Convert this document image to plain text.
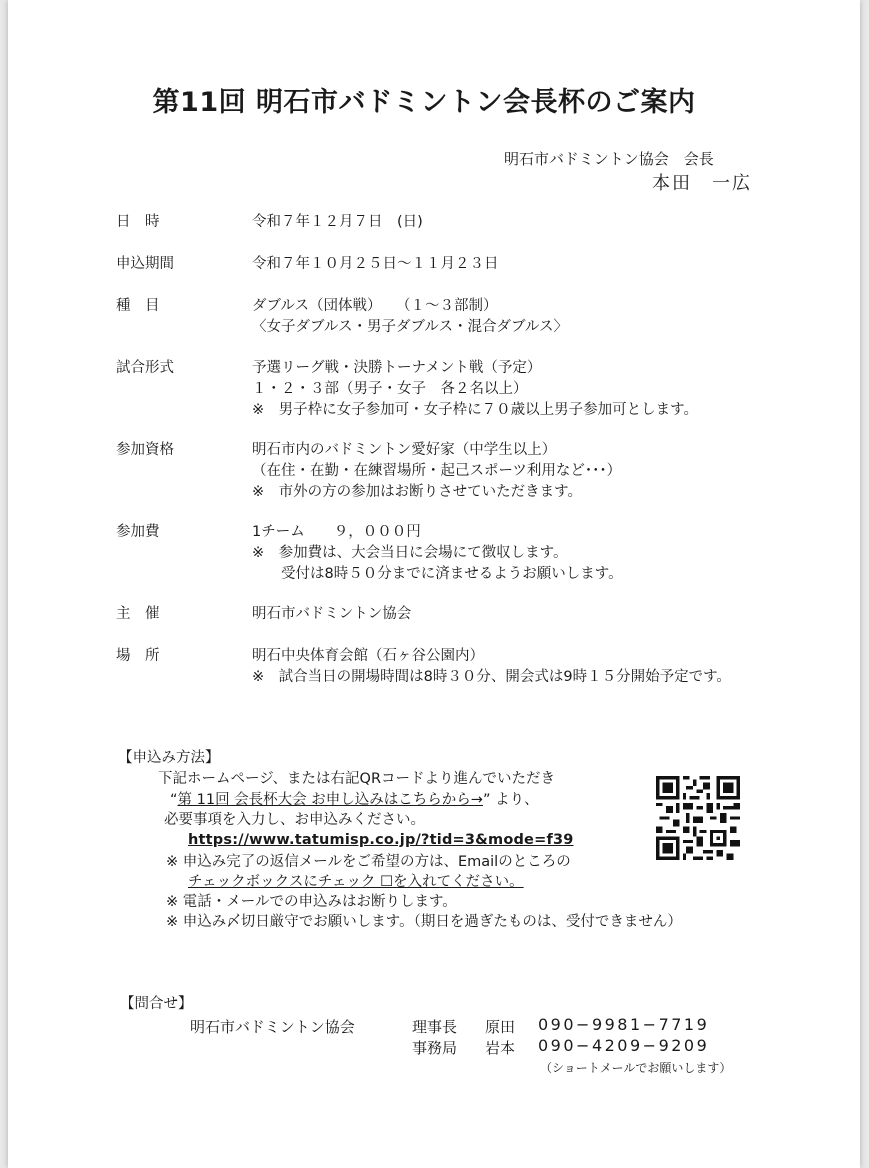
第11回 明石市バドミントン会長杯のご案内
明石市バドミントン協会　会長
本田　一広
日　時	令和７年１２月７日　(日)
申込期間	令和７年１０月２５日～１１月２３日
種　目	ダブルス（団体戦）　　（１～３部制）
〈女子ダブルス・男子ダブルス・混合ダブルス〉
試合形式	予選リーグ戦・決勝トーナメント戦（予定）
１・２・３部（男子・女子　各２名以上）
※　男子枠に女子参加可・女子枠に７０歳以上男子参加可とします。
参加資格	明石市内のバドミントン愛好家（中学生以上）
（在住・在勤・在練習場所・起己スポーツ利用など･･･）
※　市外の方の参加はお断りさせていただきます。
参加費	1チーム　　９，０００円
※　参加費は、大会当日に会場にて徴収します。
　　受付は8時５０分までに済ませるようお願いします。
主　催	明石市バドミントン協会
場　所	明石中央体育会館（石ヶ谷公園内）
※　試合当日の開場時間は8時３０分、開会式は9時１５分開始予定です。
【申込み方法】
下記ホームページ、または右記QRコードより進んでいただき
“第 11回 会長杯大会 お申し込みはこちらから→” より、
必要事項を入力し、お申込みください。
https://www.tatumisp.co.jp/?tid=3&mode=f39
※ 申込み完了の返信メールをご希望の方は、Emailのところの
チェックボックスにチェック ☐を入れてください。
※ 電話・メールでの申込みはお断りします。
※ 申込み〆切日厳守でお願いします。（期日を過ぎたものは、受付できません）
【問合せ】
明石市バドミントン協会	理事長 原田 090−9981−7719
事務局 岩本 090−4209−9209
（ショートメールでお願いします）
